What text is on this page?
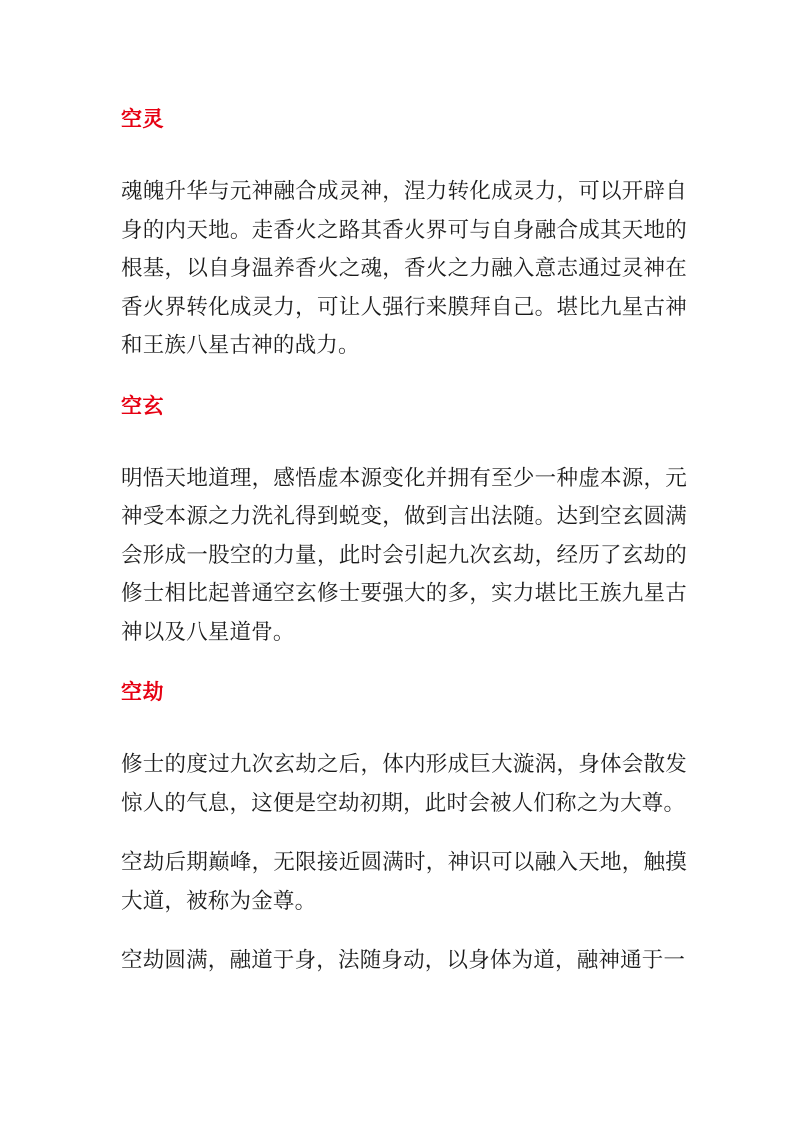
空灵

魂魄升华与元神融合成灵神，涅力转化成灵力，可以开辟自身的内天地。走香火之路其香火界可与自身融合成其天地的根基，以自身温养香火之魂，香火之力融入意志通过灵神在香火界转化成灵力，可让人强行来膜拜自己。堪比九星古神和王族八星古神的战力。

空玄

明悟天地道理，感悟虚本源变化并拥有至少一种虚本源，元神受本源之力洗礼得到蜕变，做到言出法随。达到空玄圆满会形成一股空的力量，此时会引起九次玄劫，经历了玄劫的修士相比起普通空玄修士要强大的多，实力堪比王族九星古神以及八星道骨。

空劫

修士的度过九次玄劫之后，体内形成巨大漩涡，身体会散发惊人的气息，这便是空劫初期，此时会被人们称之为大尊。

空劫后期巅峰，无限接近圆满时，神识可以融入天地，触摸大道，被称为金尊。

空劫圆满，融道于身，法随身动，以身体为道，融神通于一
